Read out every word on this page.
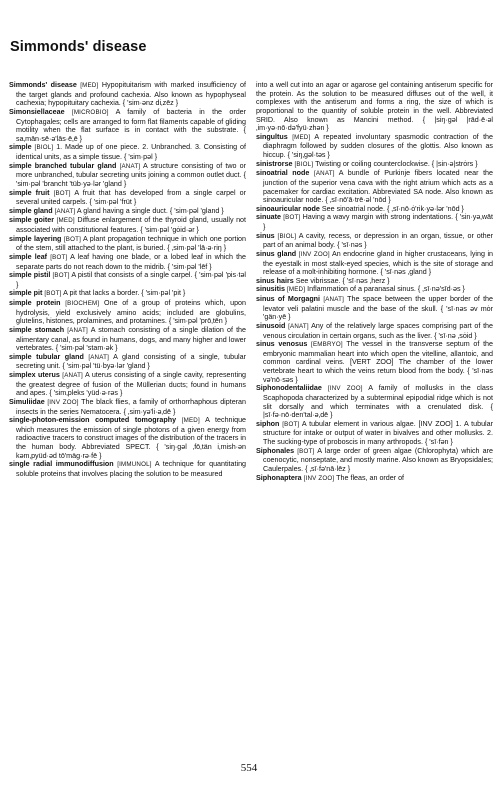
Simmonds' disease

Simmonds' disease [MED] Hypopituitarism with marked insufficiency of the target glands and profound cachexia. Also known as hypophyseal cachexia; hypopituitary cachexia. { 'sim·ənz di‚zēz }

Simonsiellaceae [MICROBIO] A family of bacteria in the order Cytophagales; cells are arranged to form flat filaments capable of gliding motility when the flat surface is in contact with the substrate. { sa‚mān·sē·ə'lās·ē‚ē }

simple [BIOL] 1. Made up of one piece. 2. Unbranched. 3. Consisting of identical units, as a simple tissue. { 'sim·pəl }

simple branched tubular gland [ANAT] A structure consisting of two or more unbranched, tubular secreting units joining a common outlet duct. { 'sim·pəl 'brancht 'tüb·yə·lər 'gland }

simple fruit [BOT] A fruit that has developed from a single carpel or several united carpels. { 'sim·pəl 'früt }

simple gland [ANAT] A gland having a single duct. { 'sim·pəl 'gland }

simple goiter [MED] Diffuse enlargement of the thyroid gland, usually not associated with constitutional features. { 'sim·pəl 'gȯid·ər }

simple layering [BOT] A plant propagation technique in which one portion of the stem, still attached to the plant, is buried. { ‚sim·pəl 'lā·ə·riŋ }

simple leaf [BOT] A leaf having one blade, or a lobed leaf in which the separate parts do not reach down to the midrib. { 'sim·pəl 'lēf }

simple pistil [BOT] A pistil that consists of a single carpel. { 'sim·pəl 'pis·təl }

simple pit [BOT] A pit that lacks a border. { 'sim·pəl 'pit }

simple protein [BIOCHEM] One of a group of proteins which, upon hydrolysis, yield exclusively amino acids; included are globulins, glutelins, histones, prolamines, and protamines. { 'sim·pəl 'prō‚tēn }

simple stomach [ANAT] A stomach consisting of a single dilation of the alimentary canal, as found in humans, dogs, and many higher and lower vertebrates. { 'sim·pəl 'stam·ək }

simple tubular gland [ANAT] A gland consisting of a single, tubular secreting unit. { 'sim·pəl 'tü·byə·lər 'gland }

simplex uterus [ANAT] A uterus consisting of a single cavity, representing the greatest degree of fusion of the Müllerian ducts; found in humans and apes. { 'sim‚pleks 'yüd·ə·rəs }

Simuliidae [INV ZOO] The black flies, a family of orthorrhaphous dipteran insects in the series Nematocera. { ‚sim·yə'li·ə‚dē }

single-photon-emission computed tomography [MED] A technique which measures the emission of single photons of a given energy from radioactive tracers to construct images of the distribution of the tracers in the human body. Abbreviated SPECT. { 'siŋ·gəl ‚fō‚tän i‚mish·ən kəm‚pyüd·əd tō'mäg·rə·fē }

single radial immunodiffusion [IMMUNOL] A technique for quantitating soluble proteins that involves placing the solution to be measured

into a well cut into an agar or agarose gel containing antiserum specific for the protein. As the solution to be measured diffuses out of the well, it complexes with the antiserum and forms a ring, the size of which is proportional to the quantity of soluble protein in the well. Abbreviated SRID. Also known as Mancini method. { |siŋ·gəl |rād·ē·əl ‚im·yə·nō·də'fyü·zhən }

singultus [MED] A repeated involuntary spasmodic contraction of the diaphragm followed by sudden closures of the glottis. Also known as hiccup. { 'siŋ‚gəl·təs }

sinistrorse [BIOL] Twisting or coiling counterclockwise. { |sin·ə|strȯrs }

sinoatrial node [ANAT] A bundle of Purkinje fibers located near the junction of the superior vena cava with the right atrium which acts as a pacemaker for cardiac excitation. Abbreviated SA node. Also known as sinoauricular node. { ‚sī·nō'ā·trē·əl 'nōd }

sinoauricular node See sinoatrial node. { ‚sī·nō·ȯ'rik·yə·lər 'nōd }

sinuate [BOT] Having a wavy margin with strong indentations. { 'sin·yə‚wāt }

sinus [BIOL] A cavity, recess, or depression in an organ, tissue, or other part of an animal body. { 'sī·nəs }

sinus gland [INV ZOO] An endocrine gland in higher crustaceans, lying in the eyestalk in most stalk-eyed species, which is the site of storage and release of a molt-inhibiting hormone. { 'sī·nəs ‚gland }

sinus hairs See vibrissae. { 'sī·nəs ‚herz }

sinusitis [MED] Inflammation of a paranasal sinus. { ‚sī·nə'sīd·əs }

sinus of Morgagni [ANAT] The space between the upper border of the levator veli palatini muscle and the base of the skull. { 'sī·nəs əv mȯr 'gän·yē }

sinusoid [ANAT] Any of the relatively large spaces comprising part of the venous circulation in certain organs, such as the liver. { 'sī·nə ‚sȯid }

sinus venosus [EMBRYO] The vessel in the transverse septum of the embryonic mammalian heart into which open the vitelline, allantoic, and common cardinal veins. [VERT ZOO] The chamber of the lower vertebrate heart to which the veins return blood from the body. { 'sī·nəs və'nō·səs }

Siphonodentaliidae [INV ZOO] A family of mollusks in the class Scaphopoda characterized by a subterminal epipodial ridge which is not slit dorsally and which terminates with a crenulated disk. { |sī·fə·nō·den'tal·ə‚dē }

siphon [BOT] A tubular element in various algae. [INV ZOO] 1. A tubular structure for intake or output of water in bivalves and other mollusks. 2. The sucking-type of proboscis in many arthropods. { 'sī·fən }

Siphonales [BOT] A large order of green algae (Chlorophyta) which are coenocytic, nonseptate, and mostly marine. Also known as Bryopsidales; Caulerpales. { ‚sī·fə'nā·lēz }

Siphonaptera [INV ZOO] The fleas, an order of

554
